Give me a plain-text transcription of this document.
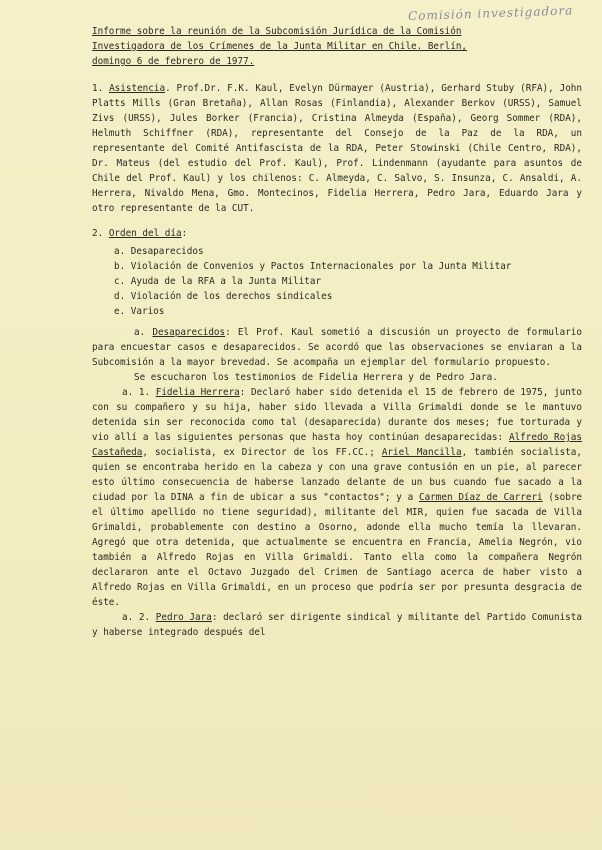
Comisión investigadora
Informe sobre la reunión de la Subcomisión Jurídica de la Comisión
Investigadora de los Crímenes de la Junta Militar en Chile. Berlín,
domingo 6 de febrero de 1977.

1. Asistencia. Prof.Dr. F.K. Kaul, Evelyn Dürmayer (Austria), Gerhard Stuby (RFA), John Platts Mills (Gran Bretaña), Allan Rosas (Finlandia), Alexander Berkov (URSS), Samuel Zivs (URSS), Jules Borker (Francia), Cristina Almeyda (España), Georg Sommer (RDA), Helmuth Schiffner (RDA), representante del Consejo de la Paz de la RDA, un representante del Comité Antifascista de la RDA, Peter Stowinski (Chile Centro, RDA), Dr. Mateus (del estudio del Prof. Kaul), Prof. Lindenmann (ayudante para asuntos de Chile del Prof. Kaul) y los chilenos: C. Almeyda, C. Salvo, S. Insunza, C. Ansaldi, A. Herrera, Nivaldo Mena, Gmo. Montecinos, Fidelia Herrera, Pedro Jara, Eduardo Jara y otro representante de la CUT.

2. Orden del día:

a. Desaparecidos
b. Violación de Convenios y Pactos Internacionales por la Junta Militar
c. Ayuda de la RFA a la Junta Militar
d. Violación de los derechos sindicales
e. Varios

a. Desaparecidos: El Prof. Kaul sometió a discusión un proyecto de formulario para encuestar casos e desaparecidos. Se acordó que las observaciones se enviaran a la Subcomisión a la mayor brevedad. Se acompaña un ejemplar del formulario propuesto.

Se escucharon los testimonios de Fidelia Herrera y de Pedro Jara.

a. 1. Fidelia Herrera: Declaró haber sido detenida el 15 de febrero de 1975, junto con su compañero y su hija, haber sido llevada a Villa Grimaldi donde se le mantuvo detenida sin ser reconocida como tal (desaparecida) durante dos meses; fue torturada y vio allí a las siguientes personas que hasta hoy continúan desaparecidas: Alfredo Rojas Castañeda, socialista, ex Director de los FF.CC.; Ariel Mancilla, también socialista, quien se encontraba herido en la cabeza y con una grave contusión en un pie, al parecer esto último consecuencia de haberse lanzado delante de un bus cuando fue sacado a la ciudad por la DINA a fin de ubicar a sus "contactos"; y a Carmen Díaz de Carreri (sobre el último apellido no tiene seguridad), militante del MIR, quien fue sacada de Villa Grimaldi, probablemente con destino a Osorno, adonde ella mucho temía la llevaran. Agregó que otra detenida, que actualmente se encuentra en Francia, Amelia Negrón, vio también a Alfredo Rojas en Villa Grimaldi. Tanto ella como la compañera Negrón declararon ante el Octavo Juzgado del Crimen de Santiago acerca de haber visto a Alfredo Rojas en Villa Grimaldi, en un proceso que podría ser por presunta desgracia de éste.

a. 2. Pedro Jara: declaró ser dirigente sindical y militante del Partido Comunista y haberse integrado después del
